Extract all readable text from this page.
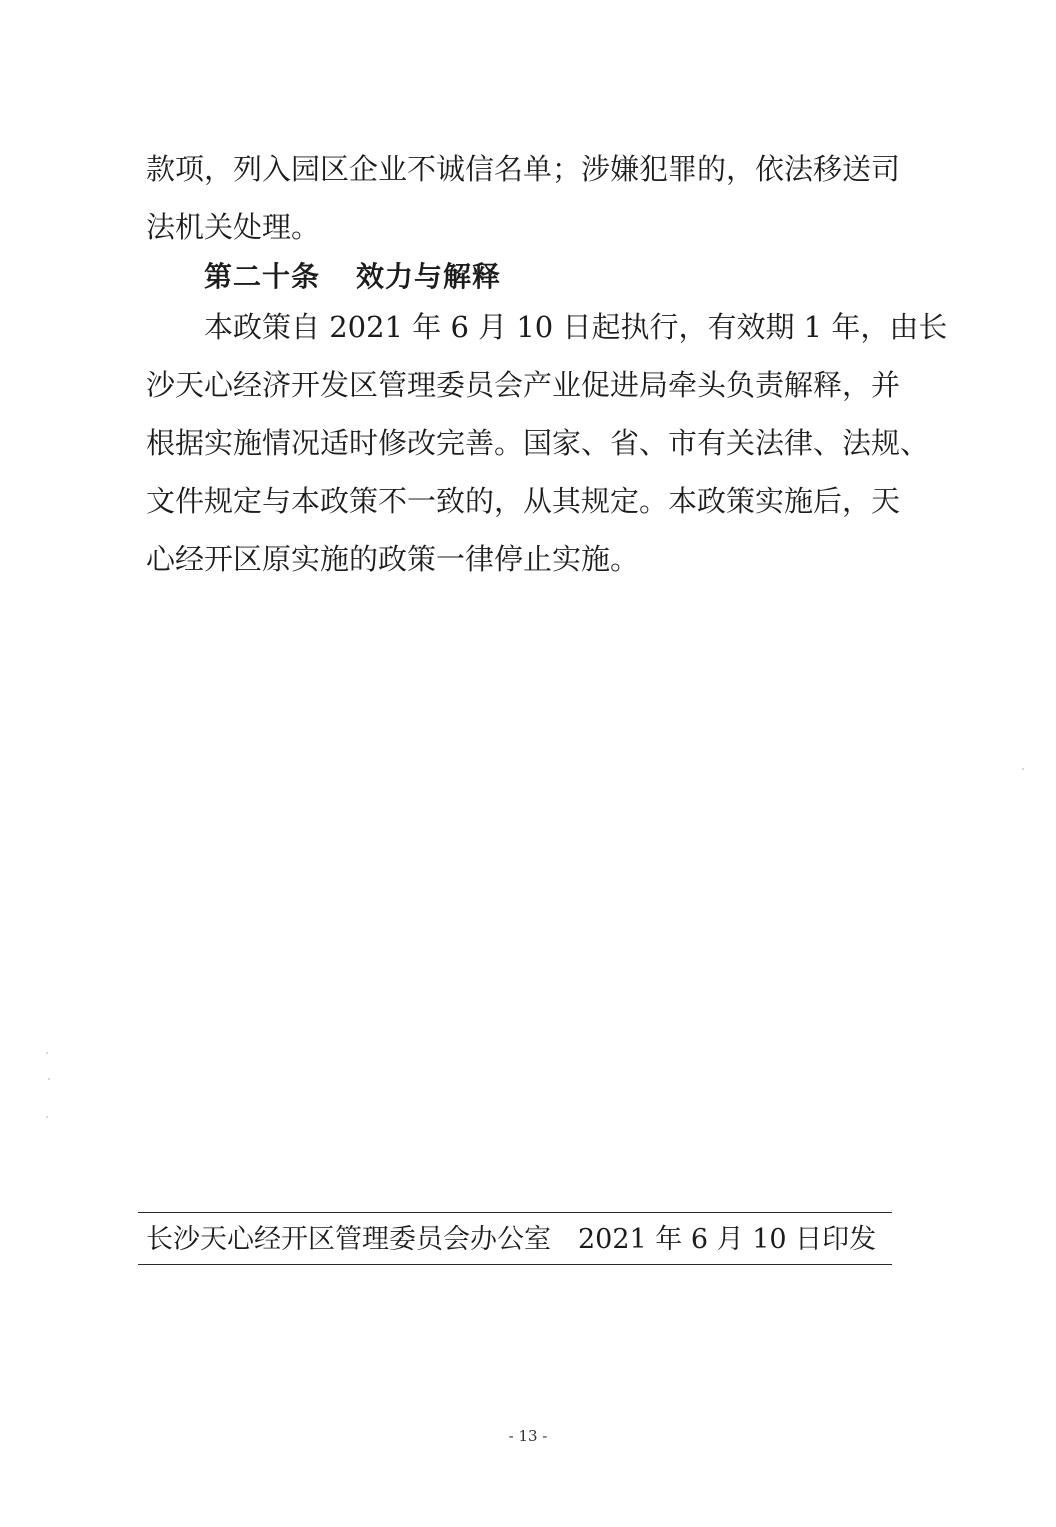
款项，列入园区企业不诚信名单；涉嫌犯罪的，依法移送司
法机关处理。
第二十条 效力与解释
本政策自 2021 年 6 月 10 日起执行，有效期 1 年，由长
沙天心经济开发区管理委员会产业促进局牵头负责解释，并
根据实施情况适时修改完善。国家、省、市有关法律、法规、
文件规定与本政策不一致的，从其规定。本政策实施后，天
心经开区原实施的政策一律停止实施。
长沙天心经开区管理委员会办公室 2021 年 6 月 10 日印发
- 13 -
